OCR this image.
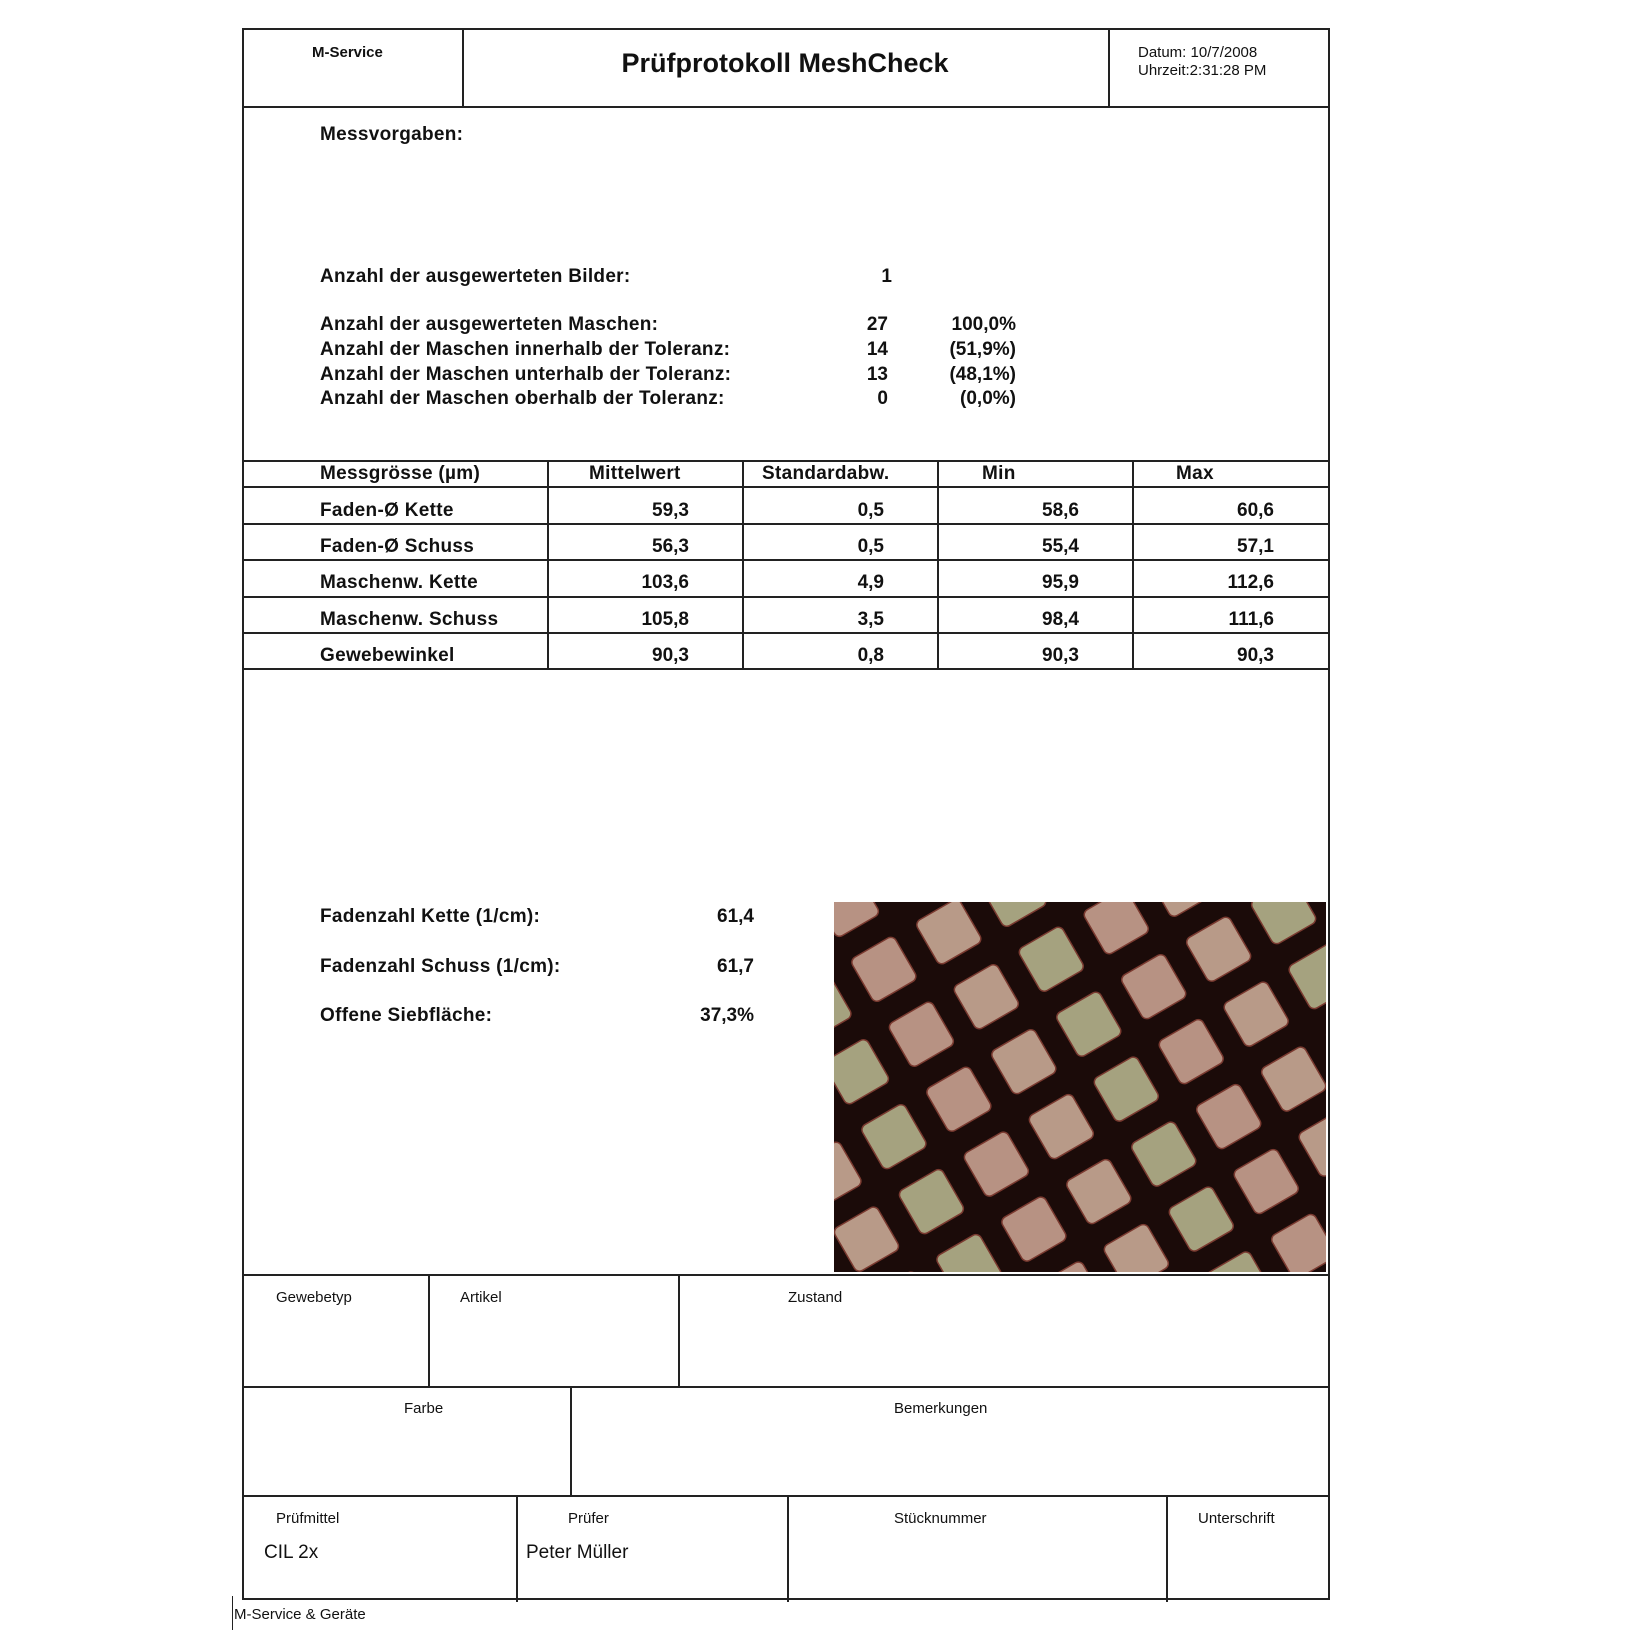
M-Service	Prüfprotokoll MeshCheck	Datum: 10/7/2008
Uhrzeit:2:31:28 PM
Messvorgaben:
Anzahl der ausgewerteten Bilder:	1
Anzahl der ausgewerteten Maschen:	27	100,0%
Anzahl der Maschen innerhalb der Toleranz:	14	(51,9%)
Anzahl der Maschen unterhalb der Toleranz:	13	(48,1%)
Anzahl der Maschen oberhalb der Toleranz:	0	(0,0%)
Messgrösse (µm)	Mittelwert	Standardabw.	Min	Max
Faden-Ø Kette	59,3	0,5	58,6	60,6
Faden-Ø Schuss	56,3	0,5	55,4	57,1
Maschenw. Kette	103,6	4,9	95,9	112,6
Maschenw. Schuss	105,8	3,5	98,4	111,6
Gewebewinkel	90,3	0,8	90,3	90,3
Fadenzahl Kette (1/cm):	61,4
Fadenzahl Schuss (1/cm):	61,7
Offene Siebfläche:	37,3%
Gewebetyp	Artikel	Zustand
Farbe	Bemerkungen
Prüfmittel
CIL 2x
Prüfer
Peter Müller
Stücknummer	Unterschrift
M-Service & Geräte
